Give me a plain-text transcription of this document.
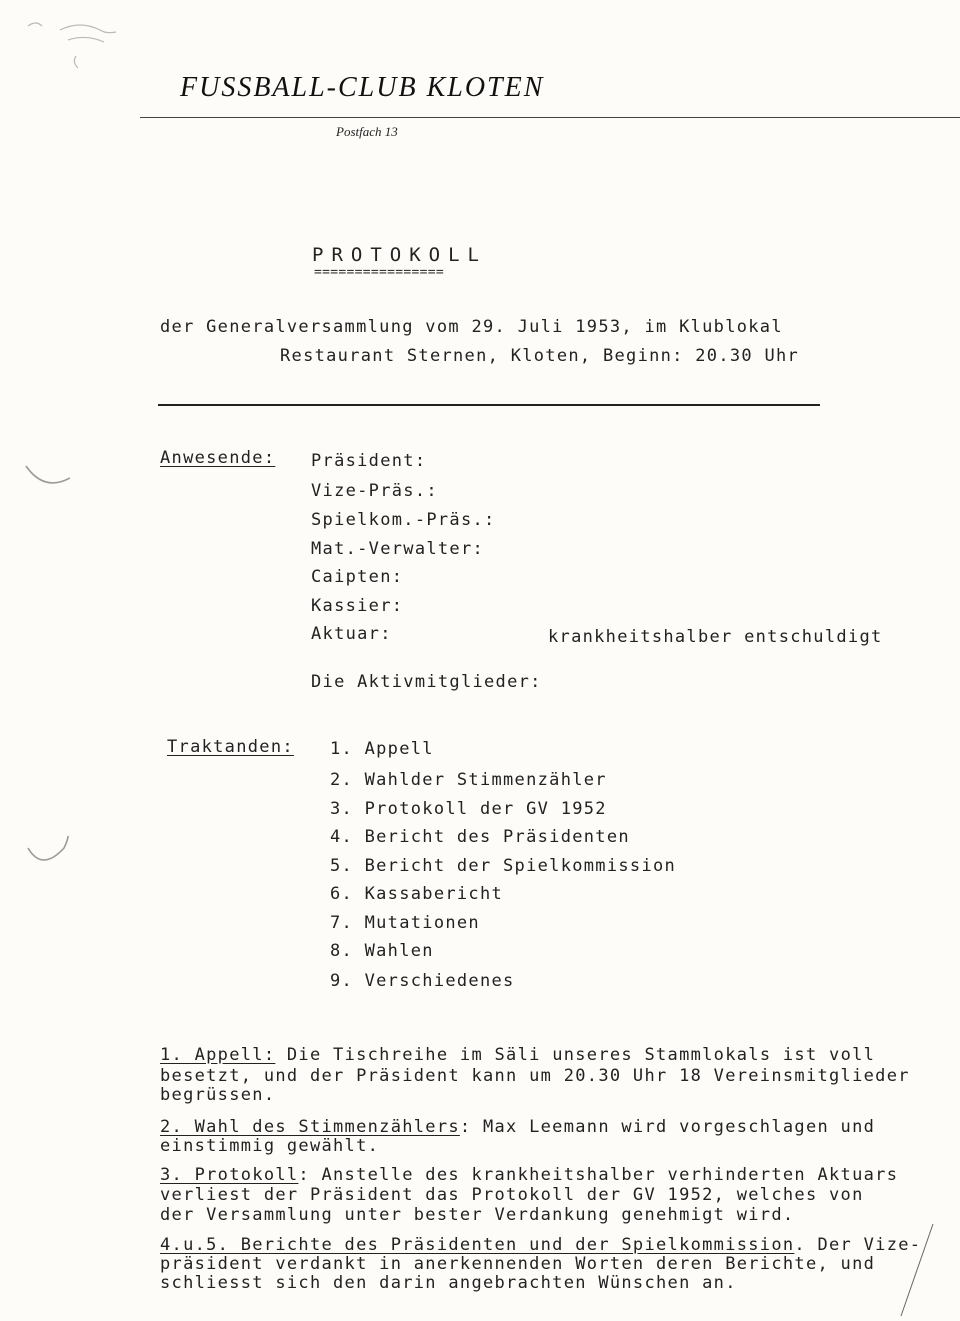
FUSSBALL-CLUB KLOTEN
Postfach 13
PROTOKOLL
================
der Generalversammlung vom 29. Juli 1953, im Klublokal
Restaurant Sternen, Kloten, Beginn: 20.30 Uhr
Anwesende: Präsident:
Vize-Präs.:
Spielkom.-Präs.:
Mat.-Verwalter:
Caipten:
Kassier:
Aktuar:	krankheitshalber entschuldigt
Die Aktivmitglieder:
Traktanden: 1. Appell
2. Wahlder Stimmenzähler
3. Protokoll der GV 1952
4. Bericht des Präsidenten
5. Bericht der Spielkommission
6. Kassabericht
7. Mutationen
8. Wahlen
9. Verschiedenes
1. Appell: Die Tischreihe im Säli unseres Stammlokals ist voll
besetzt, und der Präsident kann um 20.30 Uhr 18 Vereinsmitglieder
begrüssen.
2. Wahl des Stimmenzählers: Max Leemann wird vorgeschlagen und
einstimmig gewählt.
3. Protokoll: Anstelle des krankheitshalber verhinderten Aktuars
verliest der Präsident das Protokoll der GV 1952, welches von
der Versammlung unter bester Verdankung genehmigt wird.
4.u.5. Berichte des Präsidenten und der Spielkommission. Der Vize-
präsident verdankt in anerkennenden Worten deren Berichte, und
schliesst sich den darin angebrachten Wünschen an.
